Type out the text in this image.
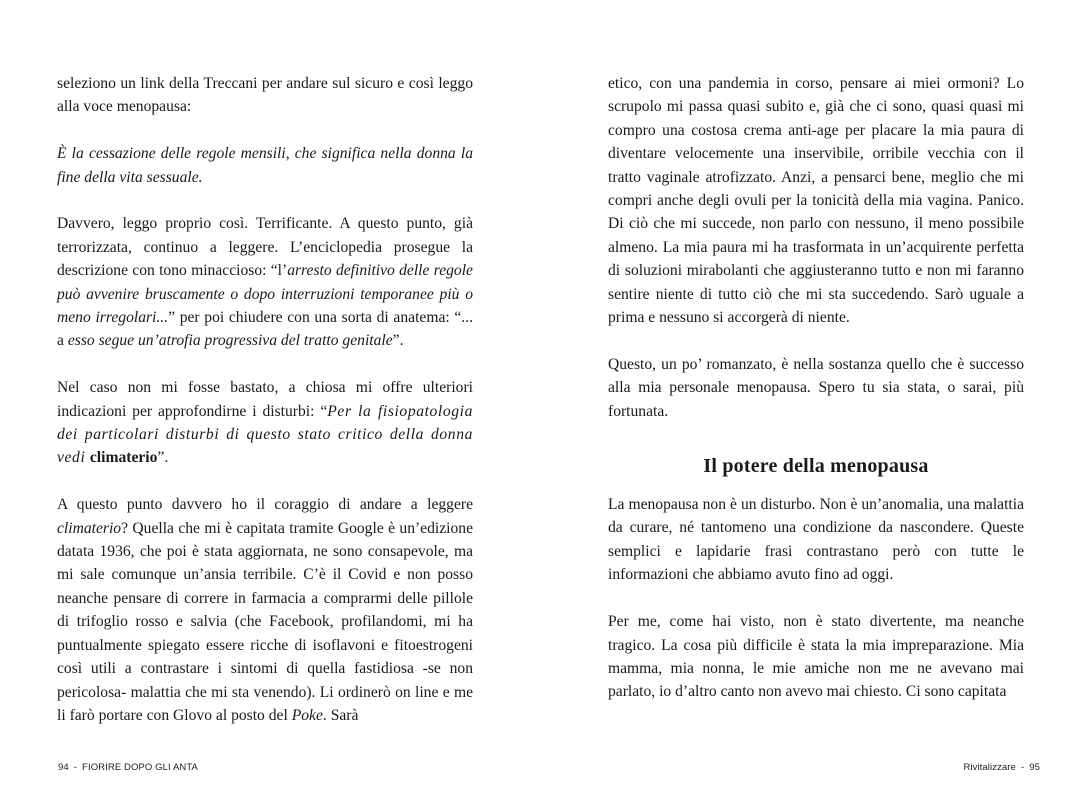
seleziono un link della Treccani per andare sul sicuro e così leggo alla voce menopausa:

È la cessazione delle regole mensili, che significa nella donna la fine della vita sessuale.

Davvero, leggo proprio così. Terrificante. A questo punto, già terrorizzata, continuo a leggere. L’enciclopedia prosegue la descrizione con tono minaccioso: “l’arresto definitivo delle regole può avvenire bruscamente o dopo interruzioni temporanee più o meno irregolari...” per poi chiudere con una sorta di anatema: “... a esso segue un’atrofia progressiva del tratto genitale”.

Nel caso non mi fosse bastato, a chiosa mi offre ulteriori indicazioni per approfondirne i disturbi: “Per la fisiopatologia dei particolari disturbi di questo stato critico della donna vedi climaterio”.

A questo punto davvero ho il coraggio di andare a leggere climaterio? Quella che mi è capitata tramite Google è un’edizione datata 1936, che poi è stata aggiornata, ne sono consapevole, ma mi sale comunque un’ansia terribile. C’è il Covid e non posso neanche pensare di correre in farmacia a comprarmi delle pillole di trifoglio rosso e salvia (che Facebook, profilandomi, mi ha puntualmente spiegato essere ricche di isoflavoni e fitoestrogeni così utili a contrastare i sintomi di quella fastidiosa -se non pericolosa- malattia che mi sta venendo). Li ordinerò on line e me li farò portare con Glovo al posto del Poke. Sarà

94 - FIORIRE DOPO GLI ANTA

etico, con una pandemia in corso, pensare ai miei ormoni? Lo scrupolo mi passa quasi subito e, già che ci sono, quasi quasi mi compro una costosa crema anti-age per placare la mia paura di diventare velocemente una inservibile, orribile vecchia con il tratto vaginale atrofizzato. Anzi, a pensarci bene, meglio che mi compri anche degli ovuli per la tonicità della mia vagina. Panico. Di ciò che mi succede, non parlo con nessuno, il meno possibile almeno. La mia paura mi ha trasformata in un’acquirente perfetta di soluzioni mirabolanti che aggiusteranno tutto e non mi faranno sentire niente di tutto ciò che mi sta succedendo. Sarò uguale a prima e nessuno si accorgerà di niente.

Questo, un po’ romanzato, è nella sostanza quello che è successo alla mia personale menopausa. Spero tu sia stata, o sarai, più fortunata.

Il potere della menopausa

La menopausa non è un disturbo. Non è un’anomalia, una malattia da curare, né tantomeno una condizione da nascondere. Queste semplici e lapidarie frasi contrastano però con tutte le informazioni che abbiamo avuto fino ad oggi.

Per me, come hai visto, non è stato divertente, ma neanche tragico. La cosa più difficile è stata la mia impreparazione. Mia mamma, mia nonna, le mie amiche non me ne avevano mai parlato, io d’altro canto non avevo mai chiesto. Ci sono capitata

Rivitalizzare - 95
